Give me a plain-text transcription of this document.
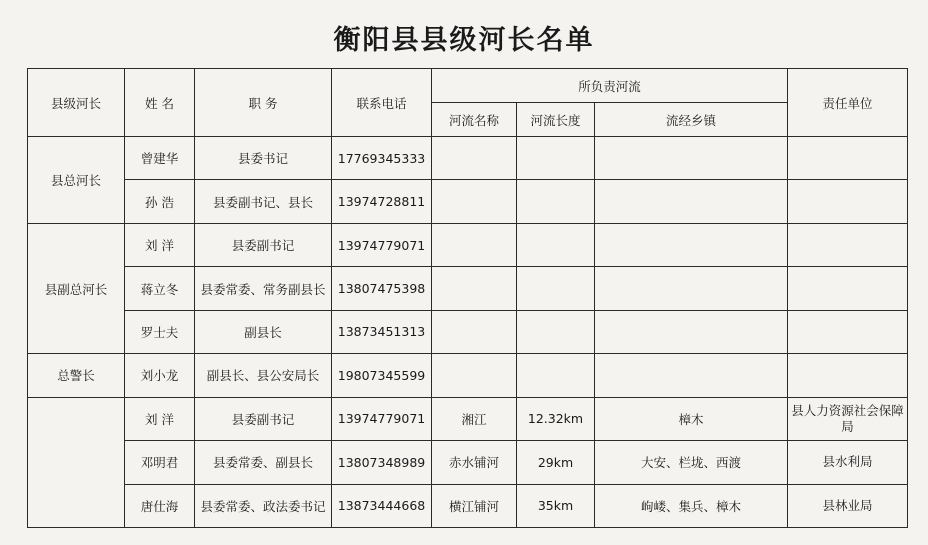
衡阳县县级河长名单
县级河长	姓 名	职 务	联系电话	所负责河流			责任单位
				河流名称	河流长度	流经乡镇	
县总河长	曾建华	县委书记	17769345333				
	孙 浩	县委副书记、县长	13974728811				
县副总河长	刘 洋	县委副书记	13974779071				
	蒋立冬	县委常委、常务副县长	13807475398				
	罗士夫	副县长	13873451313				
总警长	刘小龙	副县长、县公安局长	19807345599				
	刘 洋	县委副书记	13974779071	湘江	12.32km	樟木	县人力资源社会保障局
	邓明君	县委常委、副县长	13807348989	赤水铺河	29km	大安、栏垅、西渡	县水利局
	唐仕海	县委常委、政法委书记	13873444668	横江铺河	35km	岣嵝、集兵、樟木	县林业局
